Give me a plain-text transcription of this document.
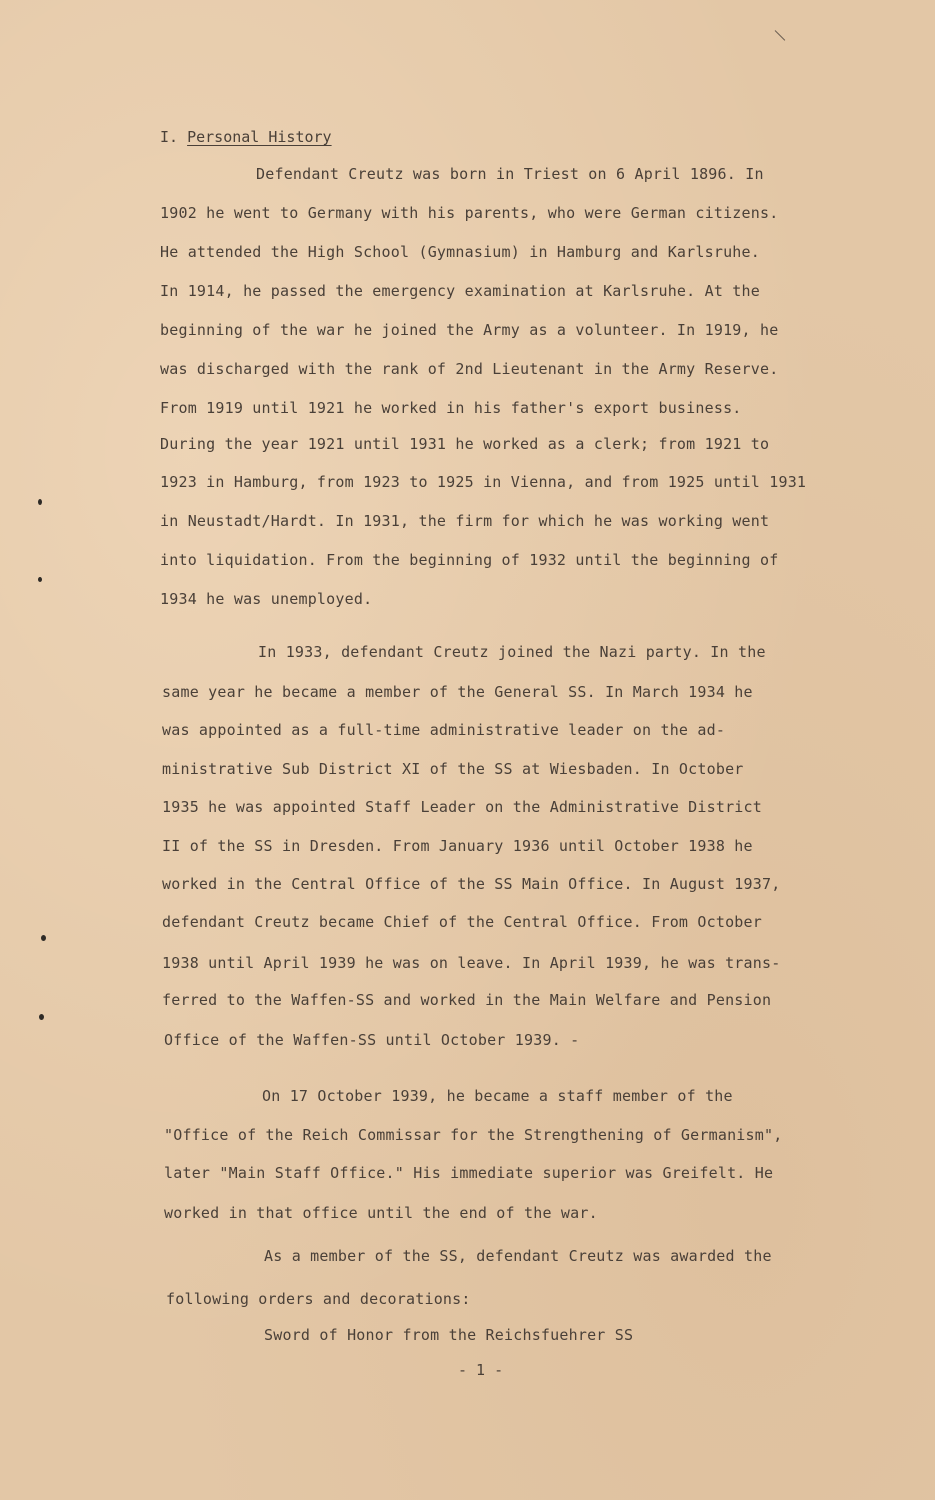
I. Personal History
Defendant Creutz was born in Triest on 6 April 1896. In
1902 he went to Germany with his parents, who were German citizens.
He attended the High School (Gymnasium) in Hamburg and Karlsruhe.
In 1914, he passed the emergency examination at Karlsruhe. At the
beginning of the war he joined the Army as a volunteer. In 1919, he
was discharged with the rank of 2nd Lieutenant in the Army Reserve.
From 1919 until 1921 he worked in his father's export business.
During the year 1921 until 1931 he worked as a clerk; from 1921 to
1923 in Hamburg, from 1923 to 1925 in Vienna, and from 1925 until 1931
in Neustadt/Hardt. In 1931, the firm for which he was working went
into liquidation. From the beginning of 1932 until the beginning of
1934 he was unemployed.
In 1933, defendant Creutz joined the Nazi party. In the
same year he became a member of the General SS. In March 1934 he
was appointed as a full-time administrative leader on the ad-
ministrative Sub District XI of the SS at Wiesbaden. In October
1935 he was appointed Staff Leader on the Administrative District
II of the SS in Dresden. From January 1936 until October 1938 he
worked in the Central Office of the SS Main Office. In August 1937,
defendant Creutz became Chief of the Central Office. From October
1938 until April 1939 he was on leave. In April 1939, he was trans-
ferred to the Waffen-SS and worked in the Main Welfare and Pension
Office of the Waffen-SS until October 1939. -
On 17 October 1939, he became a staff member of the
"Office of the Reich Commissar for the Strengthening of Germanism",
later "Main Staff Office." His immediate superior was Greifelt. He
worked in that office until the end of the war.
As a member of the SS, defendant Creutz was awarded the
following orders and decorations:
Sword of Honor from the Reichsfuehrer SS
- 1 -
